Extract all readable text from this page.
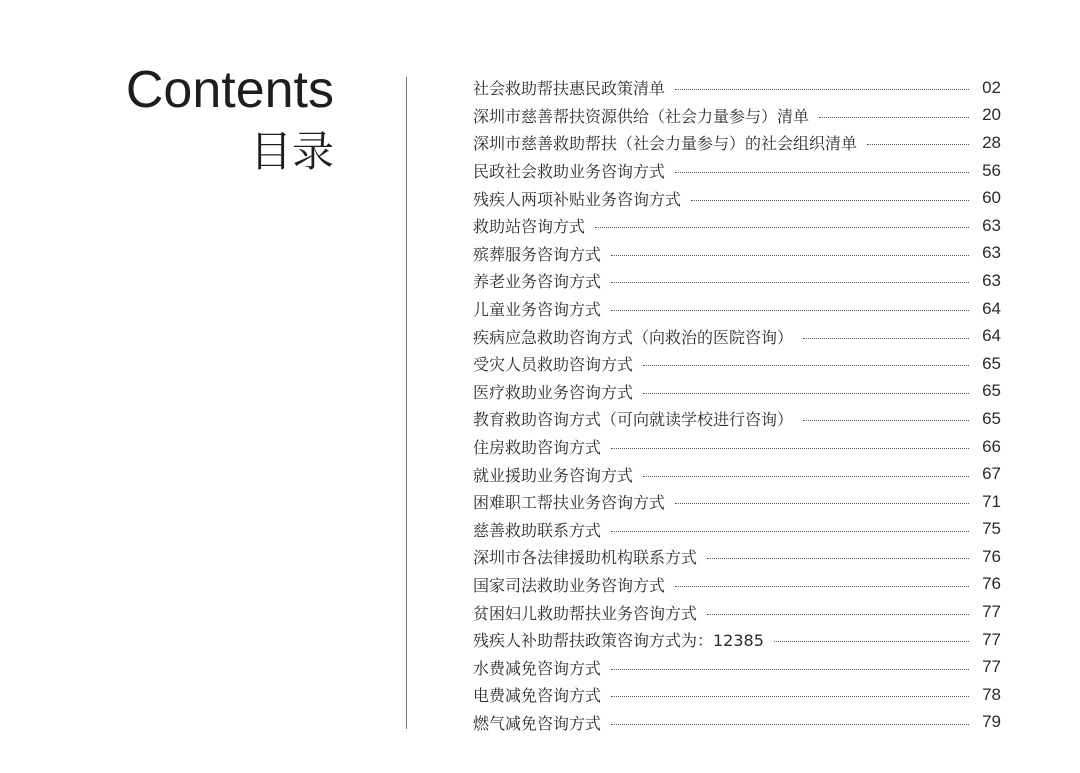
Contents
目录
社会救助帮扶惠民政策清单	02
深圳市慈善帮扶资源供给（社会力量参与）清单	20
深圳市慈善救助帮扶（社会力量参与）的社会组织清单	28
民政社会救助业务咨询方式	56
残疾人两项补贴业务咨询方式	60
救助站咨询方式	63
殡葬服务咨询方式	63
养老业务咨询方式	63
儿童业务咨询方式	64
疾病应急救助咨询方式（向救治的医院咨询）	64
受灾人员救助咨询方式	65
医疗救助业务咨询方式	65
教育救助咨询方式（可向就读学校进行咨询）	65
住房救助咨询方式	66
就业援助业务咨询方式	67
困难职工帮扶业务咨询方式	71
慈善救助联系方式	75
深圳市各法律援助机构联系方式	76
国家司法救助业务咨询方式	76
贫困妇儿救助帮扶业务咨询方式	77
残疾人补助帮扶政策咨询方式为：12385	77
水费减免咨询方式	77
电费减免咨询方式	78
燃气减免咨询方式	79
